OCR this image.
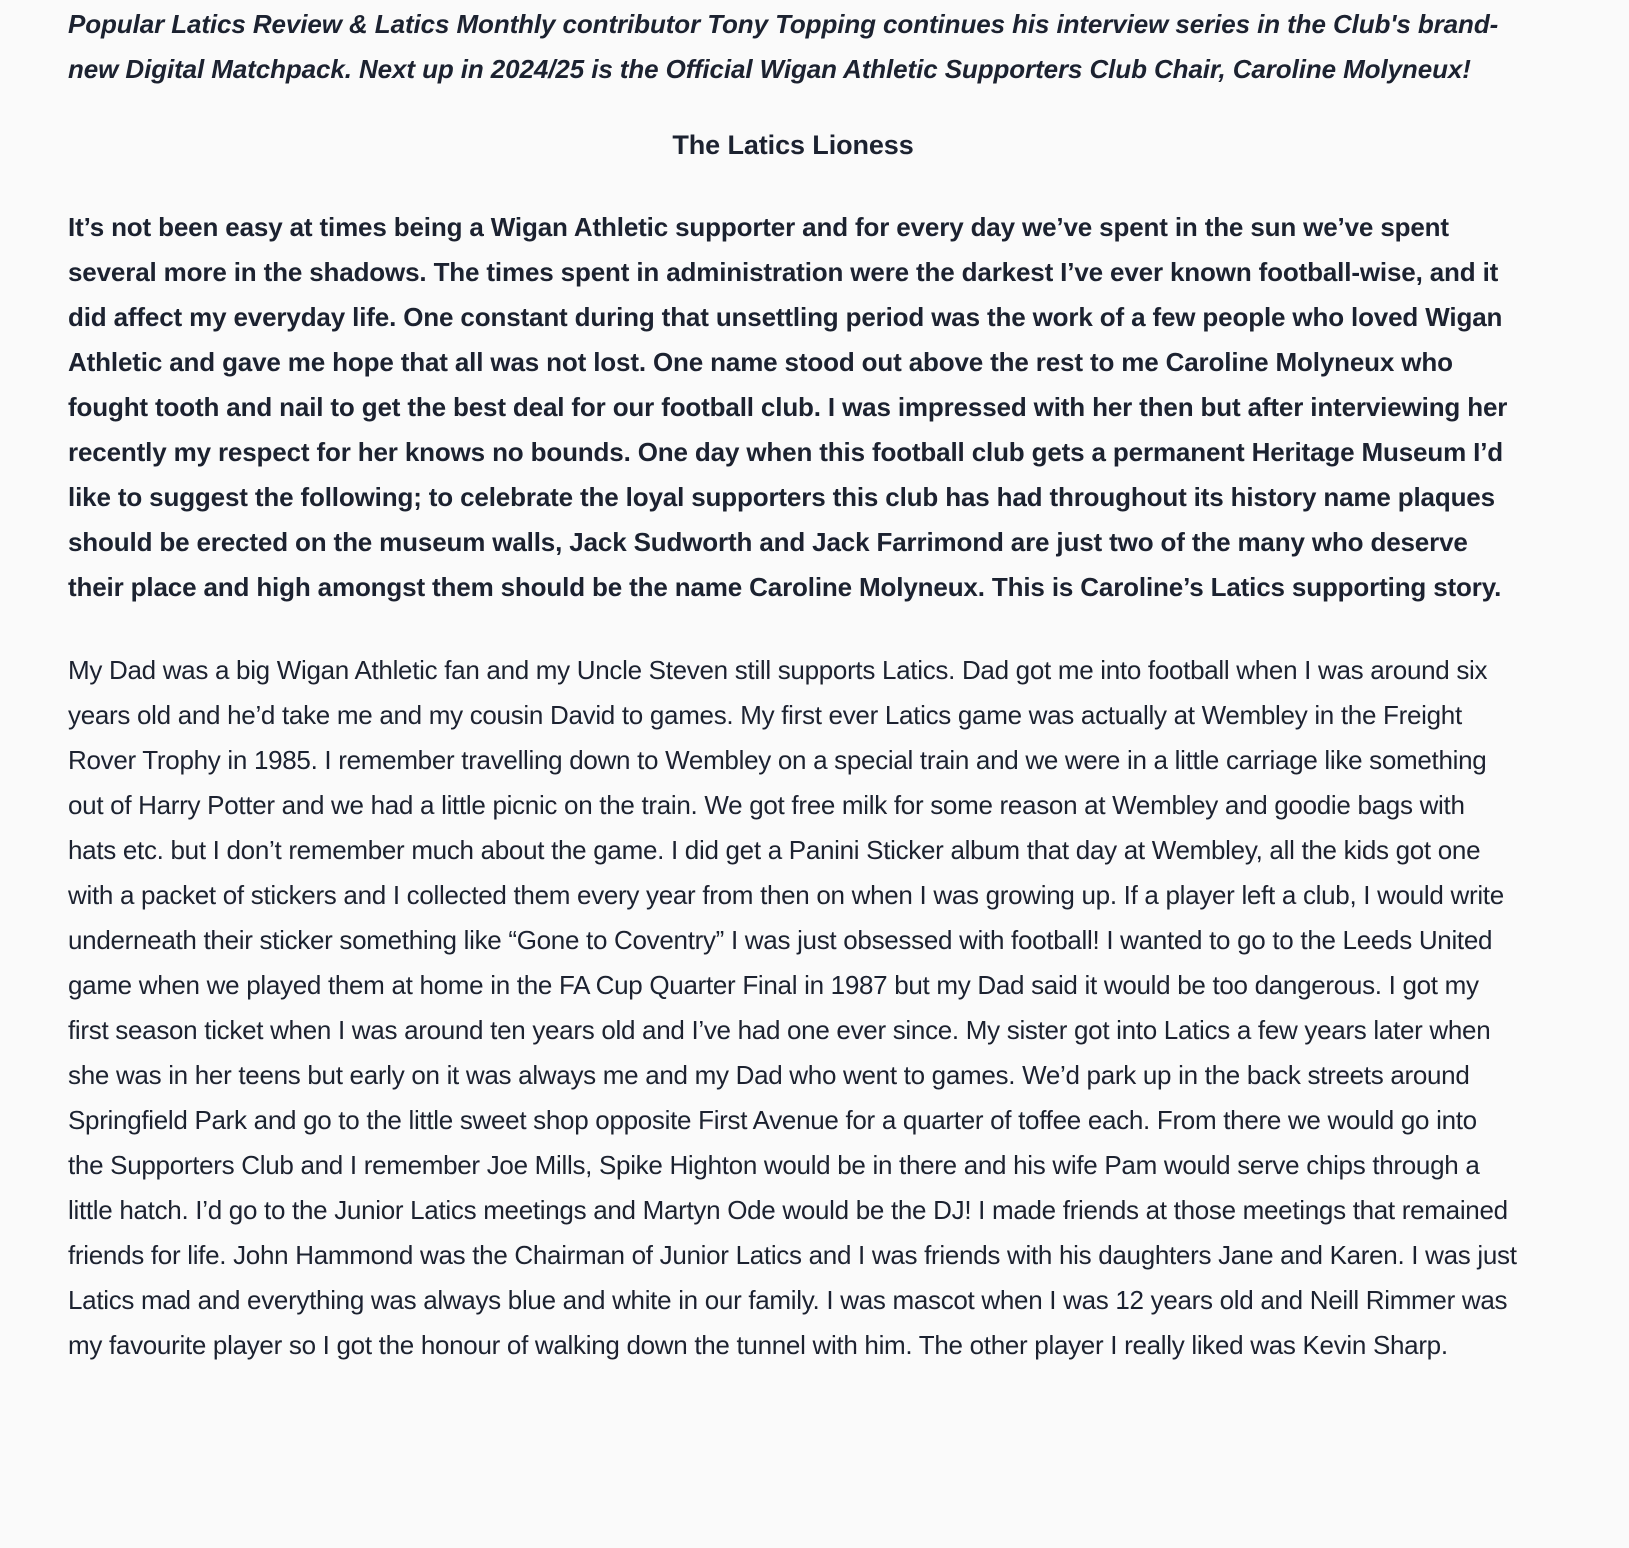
Popular Latics Review & Latics Monthly contributor Tony Topping continues his interview series in the Club's brand-new Digital Matchpack. Next up in 2024/25 is the Official Wigan Athletic Supporters Club Chair, Caroline Molyneux!

The Latics Lioness

It’s not been easy at times being a Wigan Athletic supporter and for every day we’ve spent in the sun we’ve spent several more in the shadows. The times spent in administration were the darkest I’ve ever known football-wise, and it did affect my everyday life. One constant during that unsettling period was the work of a few people who loved Wigan Athletic and gave me hope that all was not lost. One name stood out above the rest to me Caroline Molyneux who fought tooth and nail to get the best deal for our football club. I was impressed with her then but after interviewing her recently my respect for her knows no bounds. One day when this football club gets a permanent Heritage Museum I’d like to suggest the following; to celebrate the loyal supporters this club has had throughout its history name plaques should be erected on the museum walls, Jack Sudworth and Jack Farrimond are just two of the many who deserve their place and high amongst them should be the name Caroline Molyneux. This is Caroline’s Latics supporting story.

My Dad was a big Wigan Athletic fan and my Uncle Steven still supports Latics. Dad got me into football when I was around six years old and he’d take me and my cousin David to games. My first ever Latics game was actually at Wembley in the Freight Rover Trophy in 1985. I remember travelling down to Wembley on a special train and we were in a little carriage like something out of Harry Potter and we had a little picnic on the train. We got free milk for some reason at Wembley and goodie bags with hats etc. but I don’t remember much about the game. I did get a Panini Sticker album that day at Wembley, all the kids got one with a packet of stickers and I collected them every year from then on when I was growing up. If a player left a club, I would write underneath their sticker something like “Gone to Coventry” I was just obsessed with football! I wanted to go to the Leeds United game when we played them at home in the FA Cup Quarter Final in 1987 but my Dad said it would be too dangerous. I got my first season ticket when I was around ten years old and I’ve had one ever since. My sister got into Latics a few years later when she was in her teens but early on it was always me and my Dad who went to games. We’d park up in the back streets around Springfield Park and go to the little sweet shop opposite First Avenue for a quarter of toffee each. From there we would go into the Supporters Club and I remember Joe Mills, Spike Highton would be in there and his wife Pam would serve chips through a little hatch. I’d go to the Junior Latics meetings and Martyn Ode would be the DJ! I made friends at those meetings that remained friends for life. John Hammond was the Chairman of Junior Latics and I was friends with his daughters Jane and Karen. I was just Latics mad and everything was always blue and white in our family. I was mascot when I was 12 years old and Neill Rimmer was my favourite player so I got the honour of walking down the tunnel with him. The other player I really liked was Kevin Sharp.
